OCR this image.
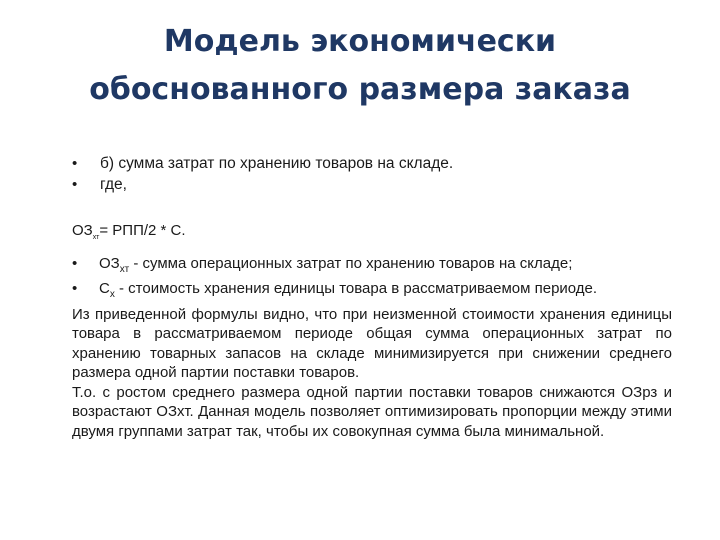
Модель экономически
обоснованного размера заказа
• б) сумма затрат по хранению товаров на складе.
• где,

$ОЗ_{хт}= РПП/2 * С$.

• $ОЗ_{хт}$ - сумма операционных затрат по хранению товаров на складе;

• $С_х$ - стоимость хранения единицы товара в рассматриваемом периоде.

Из приведенной формулы видно, что при неизменной стоимости хранения единицы товара в рассматриваемом периоде общая сумма операционных затрат по хранению товарных запасов на складе минимизируется при снижении среднего размера одной партии поставки товаров.

Т.о. с ростом среднего размера одной партии поставки товаров снижаются ОЗрз и возрастают ОЗхт. Данная модель позволяет оптимизировать пропорции между этими двумя группами затрат так, чтобы их совокупная сумма была минимальной.
